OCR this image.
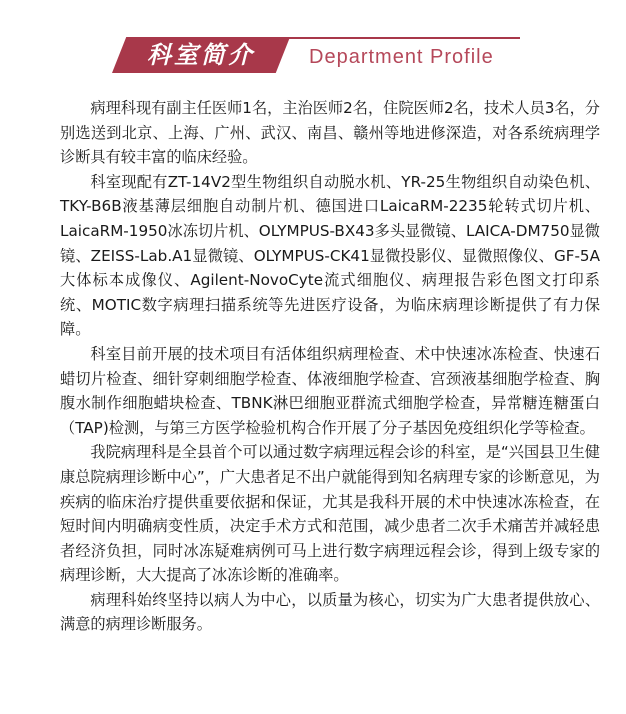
科室简介	Department Profile

病理科现有副主任医师1名，主治医师2名，住院医师2名，技术人员3名，分别选送到北京、上海、广州、武汉、南昌、赣州等地进修深造，对各系统病理学诊断具有较丰富的临床经验。

科室现配有ZT-14V2型生物组织自动脱水机、YR-25生物组织自动染色机、TKY-B6B液基薄层细胞自动制片机、德国进口LaicaRM-2235轮转式切片机、LaicaRM-1950冰冻切片机、OLYMPUS-BX43多头显微镜、LAICA-DM750显微镜、ZEISS-Lab.A1显微镜、OLYMPUS-CK41显微投影仪、显微照像仪、GF-5A大体标本成像仪、Agilent-NovoCyte流式细胞仪、病理报告彩色图文打印系统、MOTIC数字病理扫描系统等先进医疗设备，为临床病理诊断提供了有力保障。

科室目前开展的技术项目有活体组织病理检查、术中快速冰冻检查、快速石蜡切片检查、细针穿刺细胞学检查、体液细胞学检查、宫颈液基细胞学检查、胸腹水制作细胞蜡块检查、TBNK淋巴细胞亚群流式细胞学检查，异常糖连糖蛋白（TAP)检测，与第三方医学检验机构合作开展了分子基因免疫组织化学等检查。

我院病理科是全县首个可以通过数字病理远程会诊的科室，是“兴国县卫生健康总院病理诊断中心”，广大患者足不出户就能得到知名病理专家的诊断意见，为疾病的临床治疗提供重要依据和保证，尤其是我科开展的术中快速冰冻检查，在短时间内明确病变性质，决定手术方式和范围，减少患者二次手术痛苦并减轻患者经济负担，同时冰冻疑难病例可马上进行数字病理远程会诊，得到上级专家的病理诊断，大大提高了冰冻诊断的准确率。

病理科始终坚持以病人为中心，以质量为核心，切实为广大患者提供放心、满意的病理诊断服务。
